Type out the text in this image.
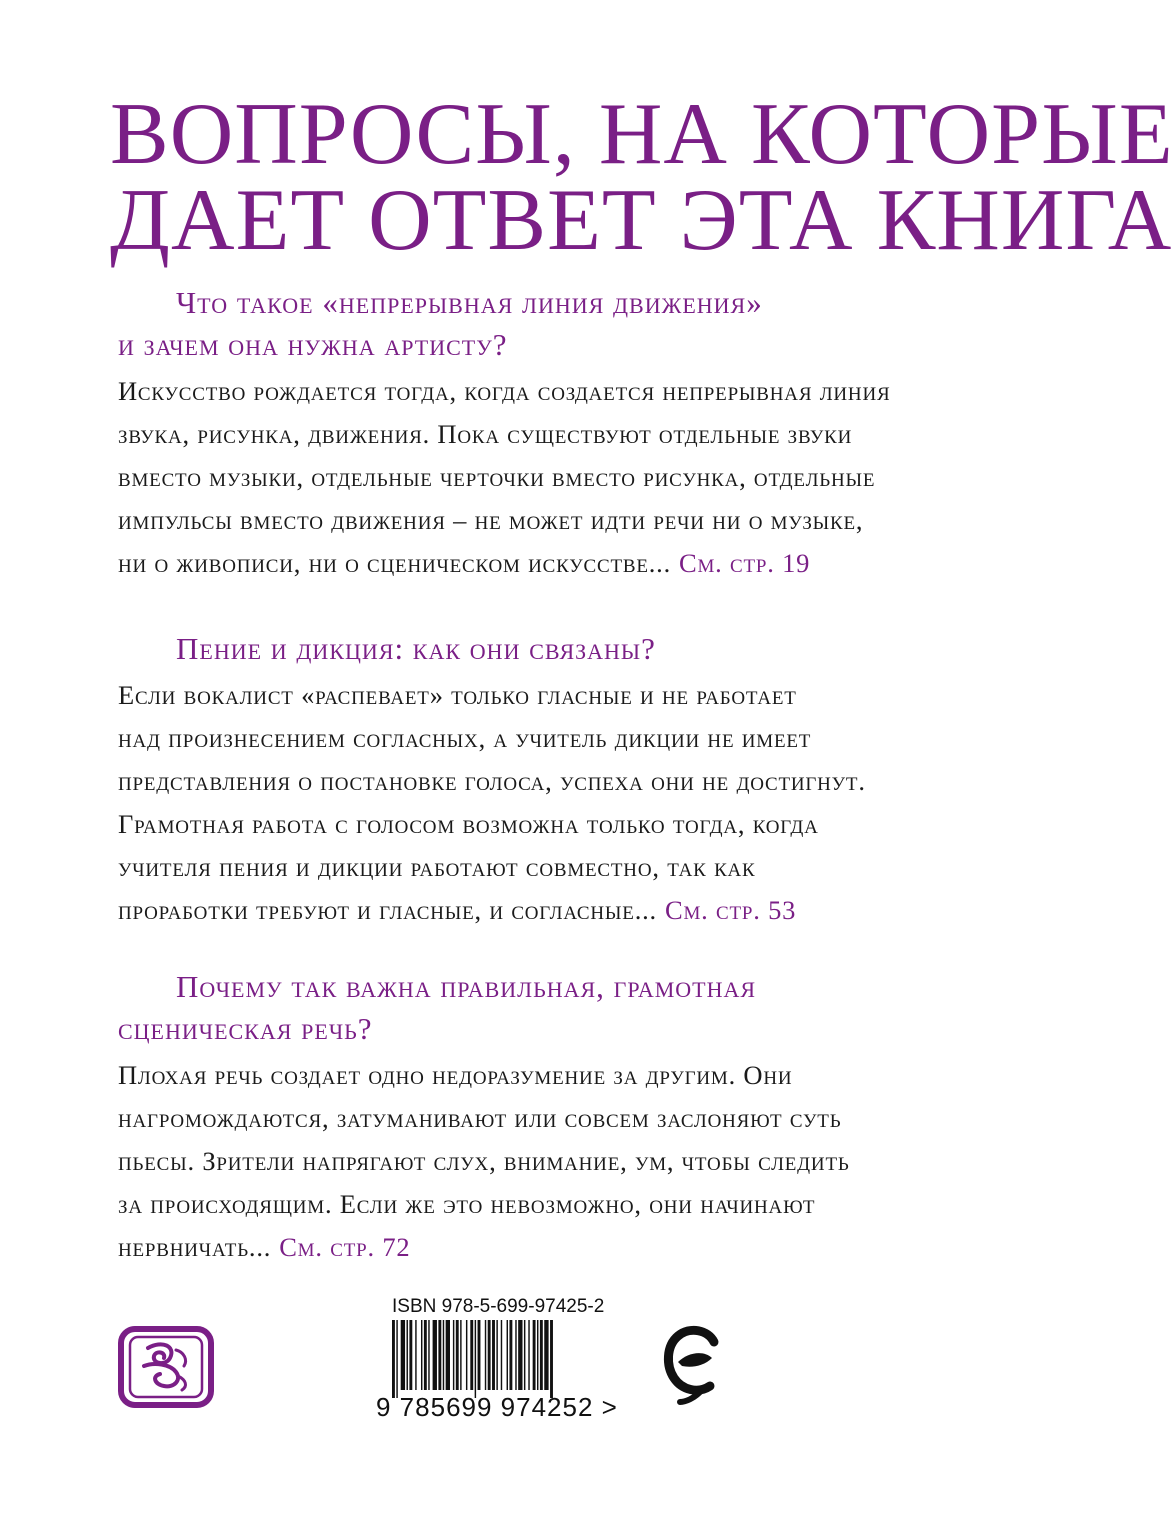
ВОПРОСЫ, НА КОТОРЫЕ
ДАЕТ ОТВЕТ ЭТА КНИГА

Что такое «непрерывная линия движения»
и зачем она нужна артисту?

Искусство рождается тогда, когда создается непрерывная линия
звука, рисунка, движения. Пока существуют отдельные звуки
вместо музыки, отдельные черточки вместо рисунка, отдельные
импульсы вместо движения – не может идти речи ни о музыке,
ни о живописи, ни о сценическом искусстве... См. стр. 19

Пение и дикция: как они связаны?

Если вокалист «распевает» только гласные и не работает
над произнесением согласных, а учитель дикции не имеет
представления о постановке голоса, успеха они не достигнут.
Грамотная работа с голосом возможна только тогда, когда
учителя пения и дикции работают совместно, так как
проработки требуют и гласные, и согласные... См. стр. 53

Почему так важна правильная, грамотная
сценическая речь?

Плохая речь создает одно недоразумение за другим. Они
нагромождаются, затуманивают или совсем заслоняют суть
пьесы. Зрители напрягают слух, внимание, ум, чтобы следить
за происходящим. Если же это невозможно, они начинают
нервничать... См. стр. 72

ISBN 978-5-699-97425-2
9 785699 974252 >
